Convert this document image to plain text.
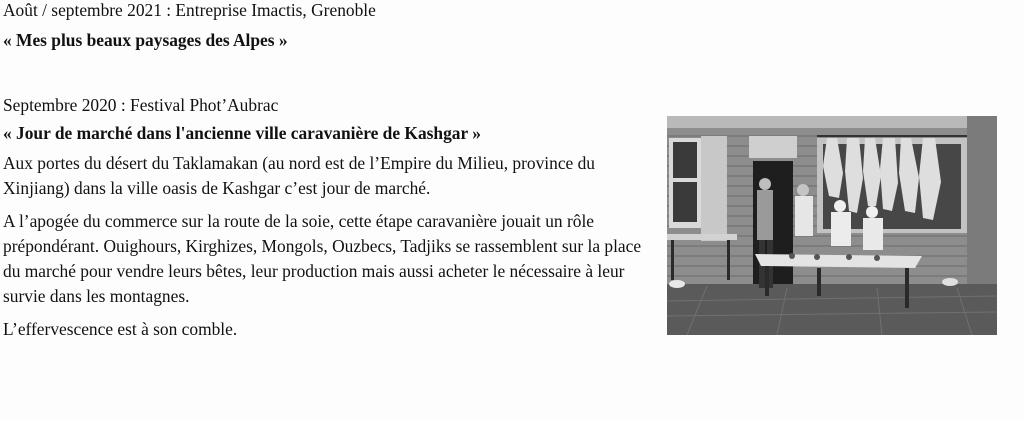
Août / septembre 2021 : Entreprise Imactis, Grenoble

« Mes plus beaux paysages des Alpes »

Septembre 2020 : Festival Phot’Aubrac

« Jour de marché dans l'ancienne ville caravanière de Kashgar »

Aux portes du désert du Taklamakan (au nord est de l’Empire du Milieu, province du Xinjiang) dans la ville oasis de Kashgar c’est jour de marché.

A l’apogée du commerce sur la route de la soie, cette étape caravanière jouait un rôle prépondérant. Ouighours, Kirghizes, Mongols, Ouzbecs, Tadjiks se rassemblent sur la place du marché pour vendre leurs bêtes, leur production mais aussi acheter le nécessaire à leur survie dans les montagnes.

L’effervescence est à son comble.
